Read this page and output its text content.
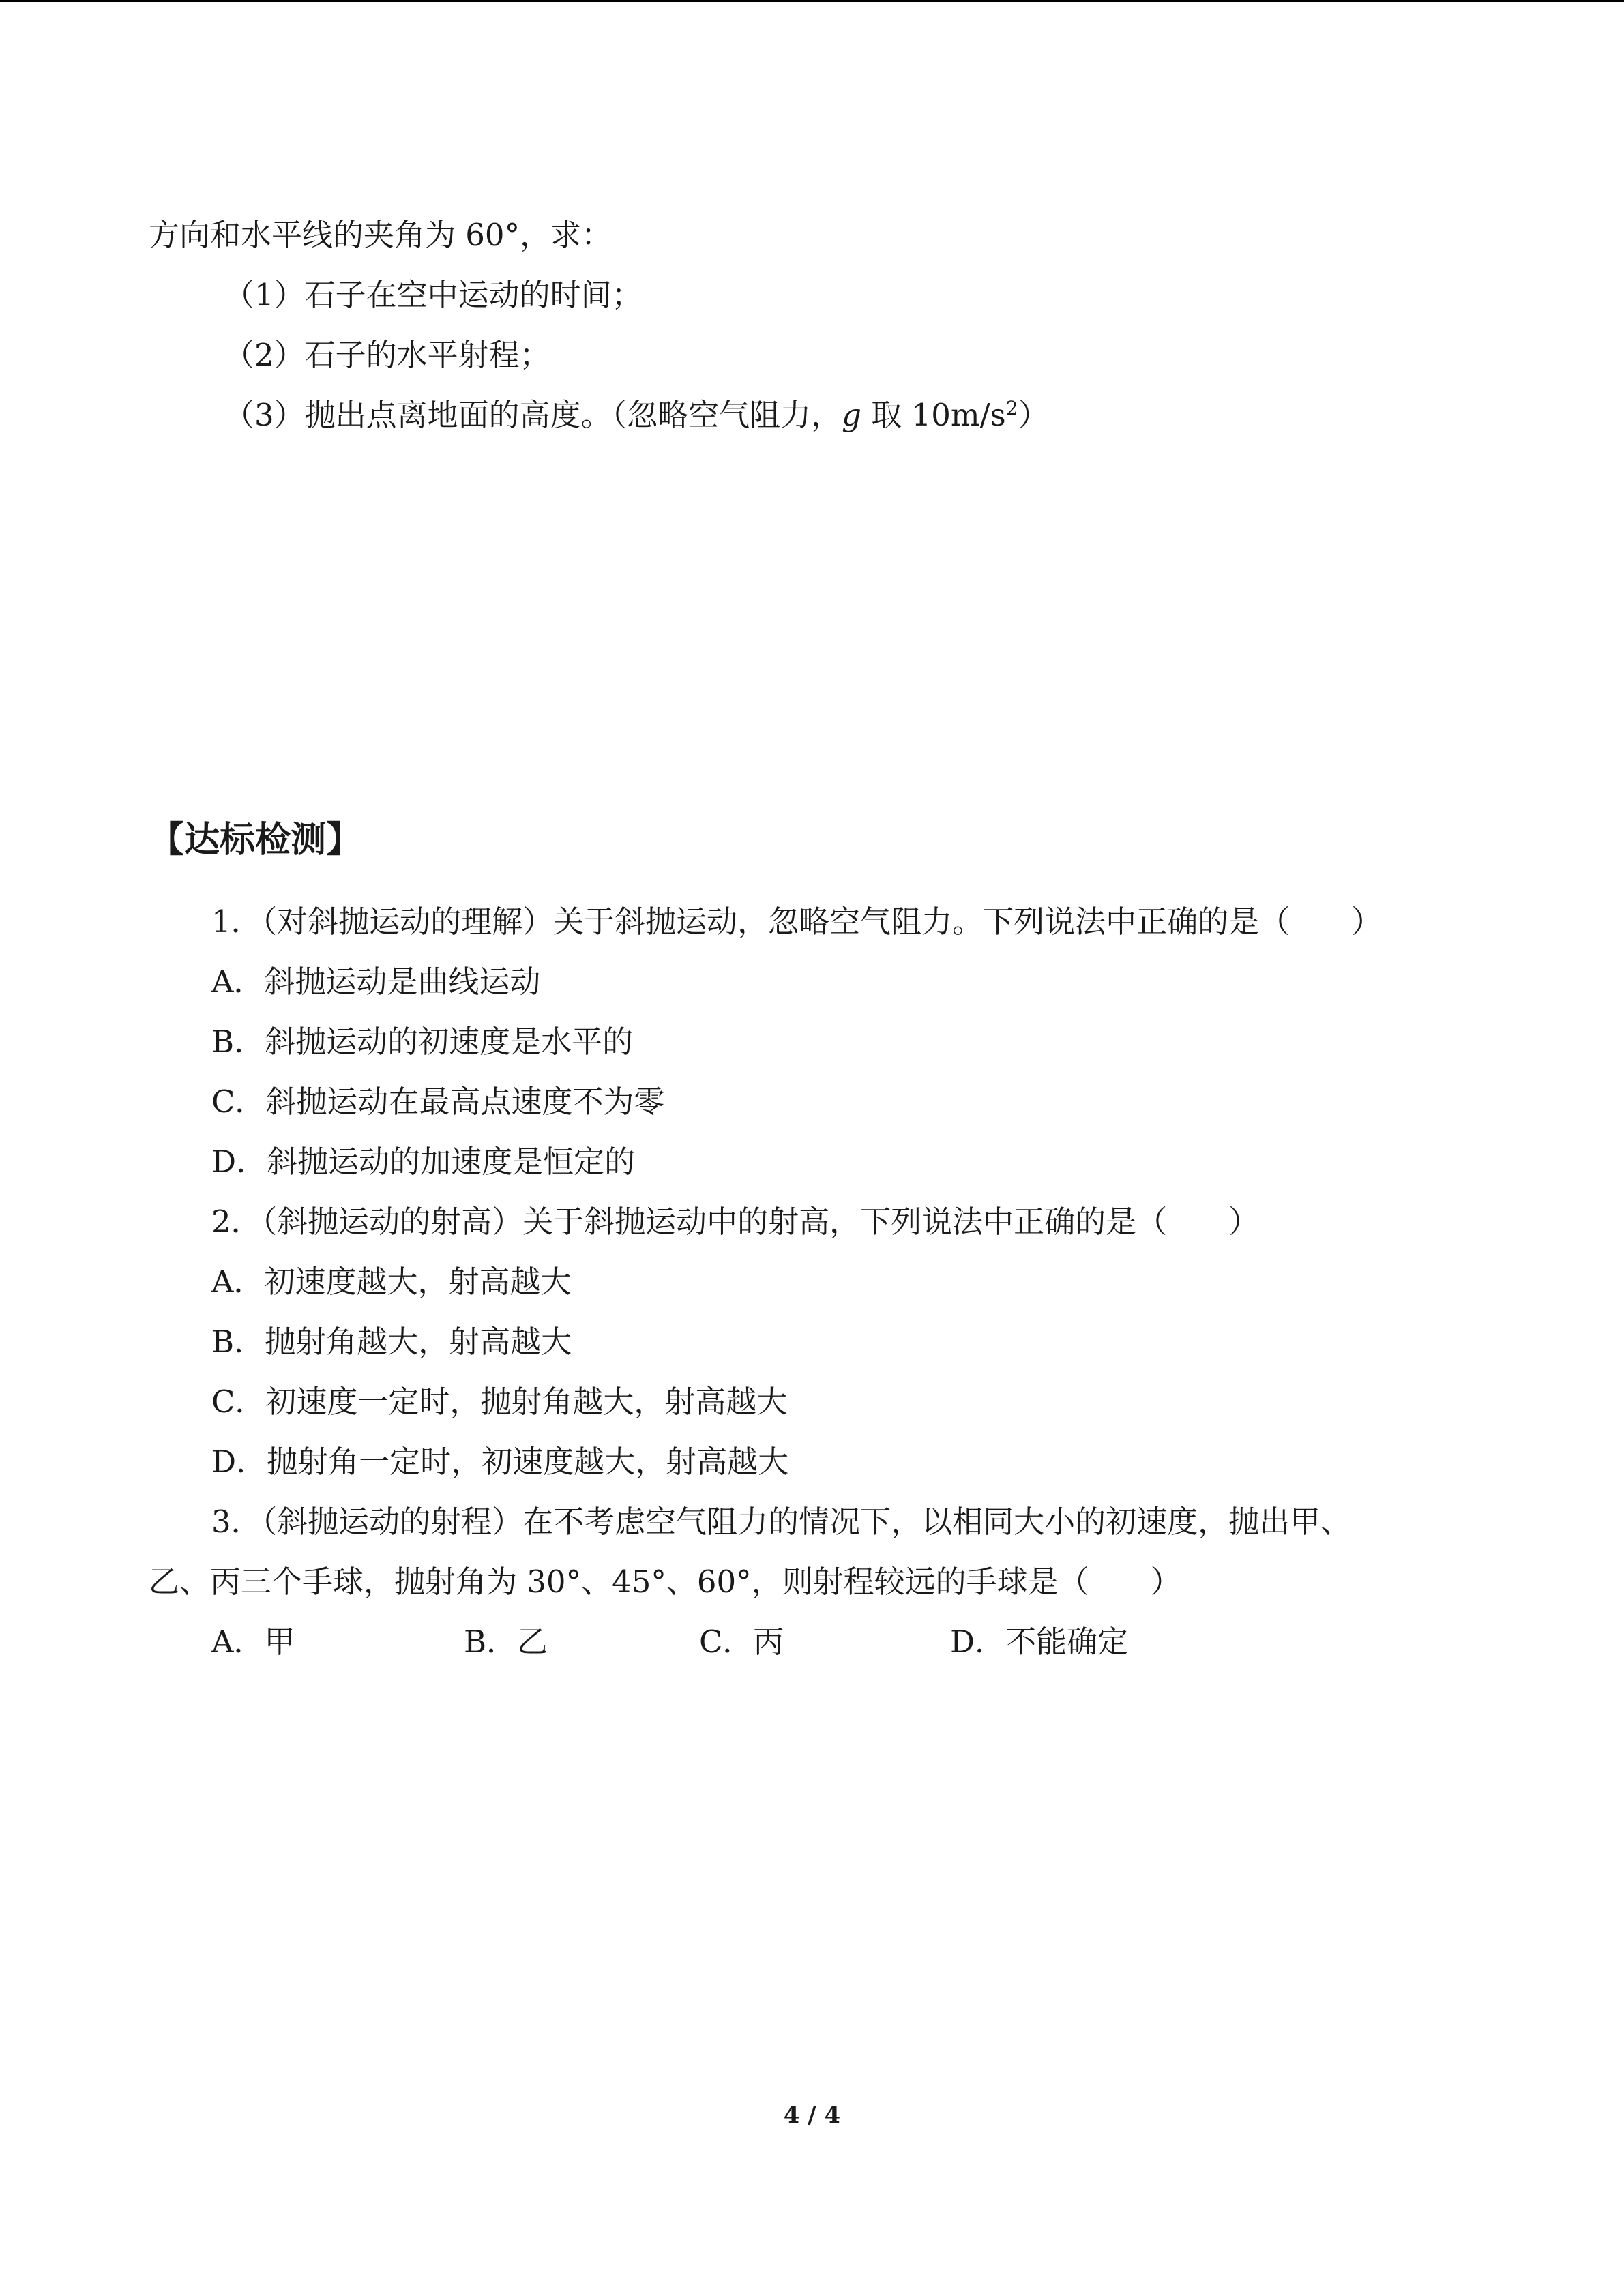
方向和水平线的夹角为 60°，求：

（1）石子在空中运动的时间；

（2）石子的水平射程；

（3）抛出点离地面的高度。（忽略空气阻力，g 取 $10m/s^2$）

【达标检测】

1．（对斜抛运动的理解）关于斜抛运动，忽略空气阻力。下列说法中正确的是（　　）

A．斜抛运动是曲线运动

B．斜抛运动的初速度是水平的

C．斜抛运动在最高点速度不为零

D．斜抛运动的加速度是恒定的

2．（斜抛运动的射高）关于斜抛运动中的射高，下列说法中正确的是（　　）

A．初速度越大，射高越大

B．抛射角越大，射高越大

C．初速度一定时，抛射角越大，射高越大

D．抛射角一定时，初速度越大，射高越大

3．（斜抛运动的射程）在不考虑空气阻力的情况下，以相同大小的初速度，抛出甲、

乙、丙三个手球，抛射角为 30°、45°、60°，则射程较远的手球是（　　）

A．甲	B．乙	C．丙	D．不能确定
4 / 4
